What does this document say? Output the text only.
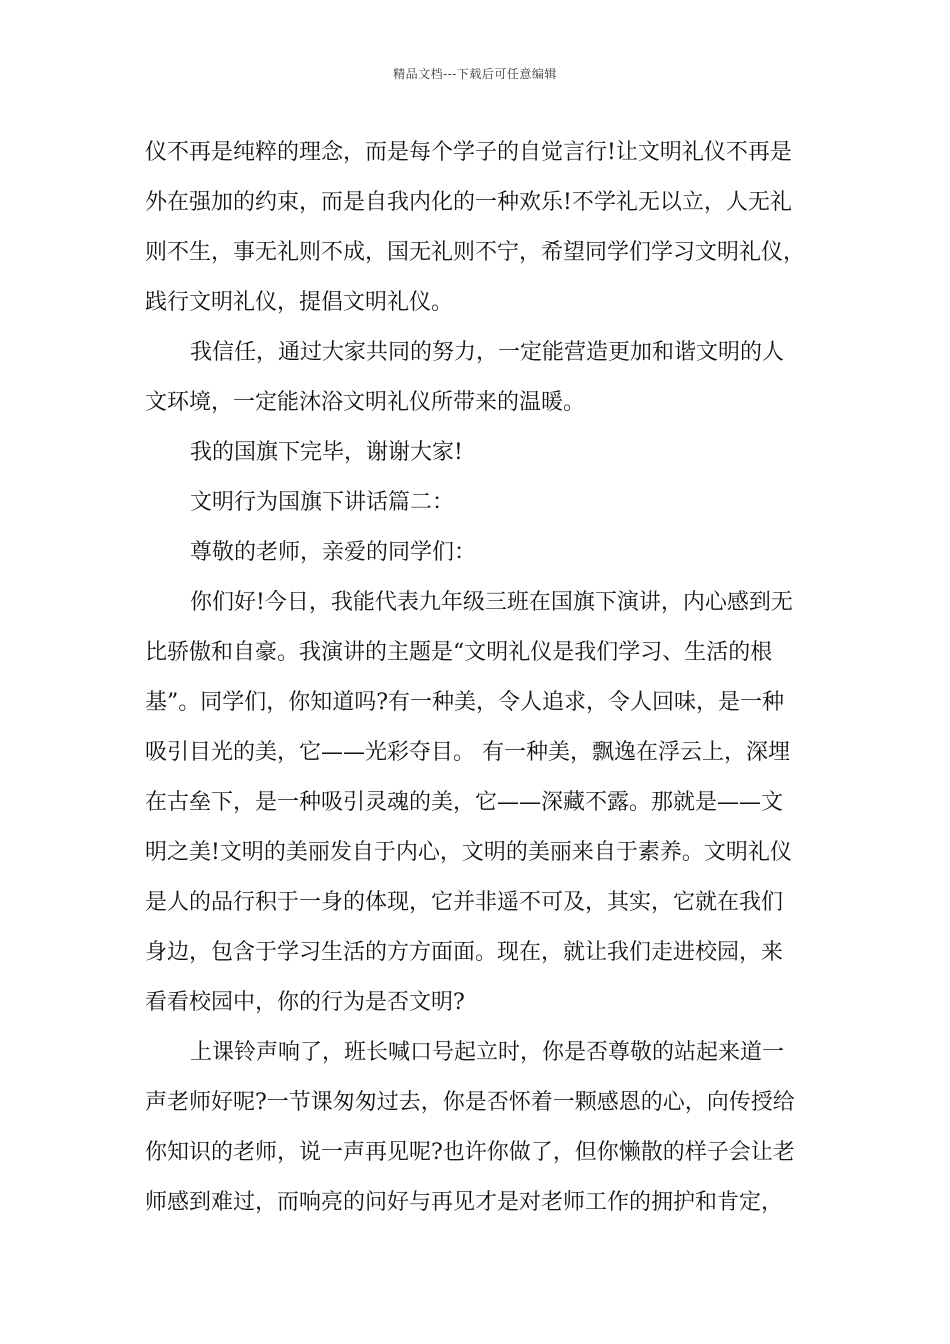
精品文档---下载后可任意编辑
仪不再是纯粹的理念，而是每个学子的自觉言行!让文明礼仪不再是
外在强加的约束，而是自我内化的一种欢乐!不学礼无以立，人无礼
则不生，事无礼则不成，国无礼则不宁，希望同学们学习文明礼仪，
践行文明礼仪，提倡文明礼仪。
我信任，通过大家共同的努力，一定能营造更加和谐文明的人
文环境，一定能沐浴文明礼仪所带来的温暖。
我的国旗下完毕，谢谢大家!
文明行为国旗下讲话篇二：
尊敬的老师，亲爱的同学们：
你们好!今日，我能代表九年级三班在国旗下演讲，内心感到无
比骄傲和自豪。我演讲的主题是“文明礼仪是我们学习、生活的根
基”。同学们，你知道吗?有一种美，令人追求，令人回味，是一种
吸引目光的美，它——光彩夺目。 有一种美，飘逸在浮云上，深埋
在古垒下，是一种吸引灵魂的美，它——深藏不露。那就是——文
明之美!文明的美丽发自于内心，文明的美丽来自于素养。文明礼仪
是人的品行积于一身的体现，它并非遥不可及，其实，它就在我们
身边，包含于学习生活的方方面面。现在，就让我们走进校园，来
看看校园中，你的行为是否文明?
上课铃声响了，班长喊口号起立时，你是否尊敬的站起来道一
声老师好呢?一节课匆匆过去，你是否怀着一颗感恩的心，向传授给
你知识的老师，说一声再见呢?也许你做了，但你懒散的样子会让老
师感到难过，而响亮的问好与再见才是对老师工作的拥护和肯定，
